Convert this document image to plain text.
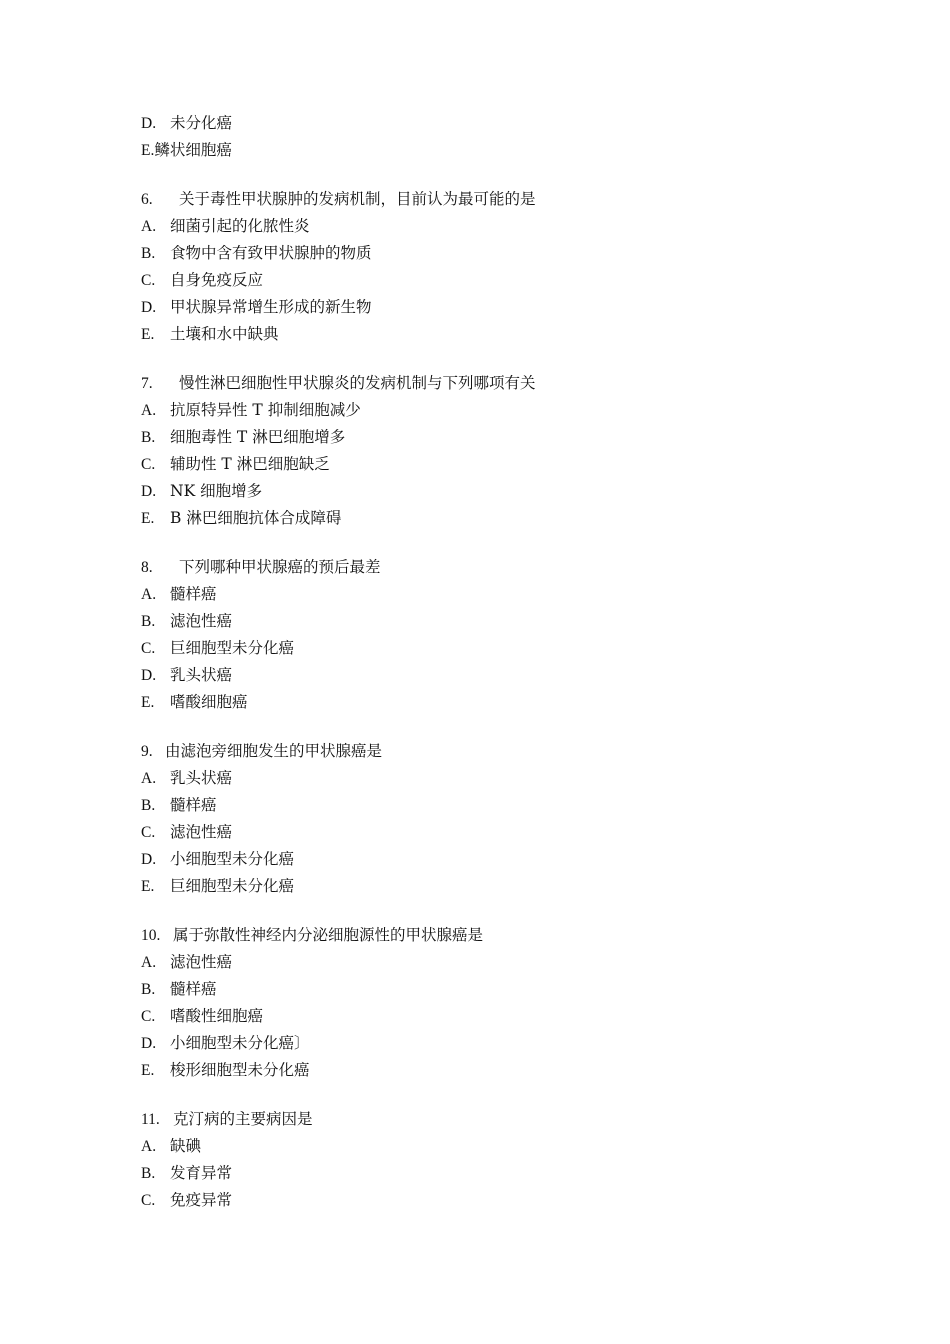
D. 未分化癌
E.鳞状细胞癌
6. 关于毒性甲状腺肿的发病机制，目前认为最可能的是
A. 细菌引起的化脓性炎
B. 食物中含有致甲状腺肿的物质
C. 自身免疫反应
D. 甲状腺异常增生形成的新生物
E. 土壤和水中缺典
7. 慢性淋巴细胞性甲状腺炎的发病机制与下列哪项有关
A. 抗原特异性 T 抑制细胞减少
B. 细胞毒性 T 淋巴细胞增多
C. 辅助性 T 淋巴细胞缺乏
D. NK 细胞增多
E. B 淋巴细胞抗体合成障碍
8. 下列哪种甲状腺癌的预后最差
A. 髓样癌
B. 滤泡性癌
C. 巨细胞型未分化癌
D. 乳头状癌
E. 嗜酸细胞癌
9. 由滤泡旁细胞发生的甲状腺癌是
A. 乳头状癌
B. 髓样癌
C. 滤泡性癌
D. 小细胞型未分化癌
E. 巨细胞型未分化癌
10. 属于弥散性神经内分泌细胞源性的甲状腺癌是
A. 滤泡性癌
B. 髓样癌
C. 嗜酸性细胞癌
D. 小细胞型未分化癌〕
E. 梭形细胞型未分化癌
11. 克汀病的主要病因是
A. 缺碘
B. 发育异常
C. 免疫异常
